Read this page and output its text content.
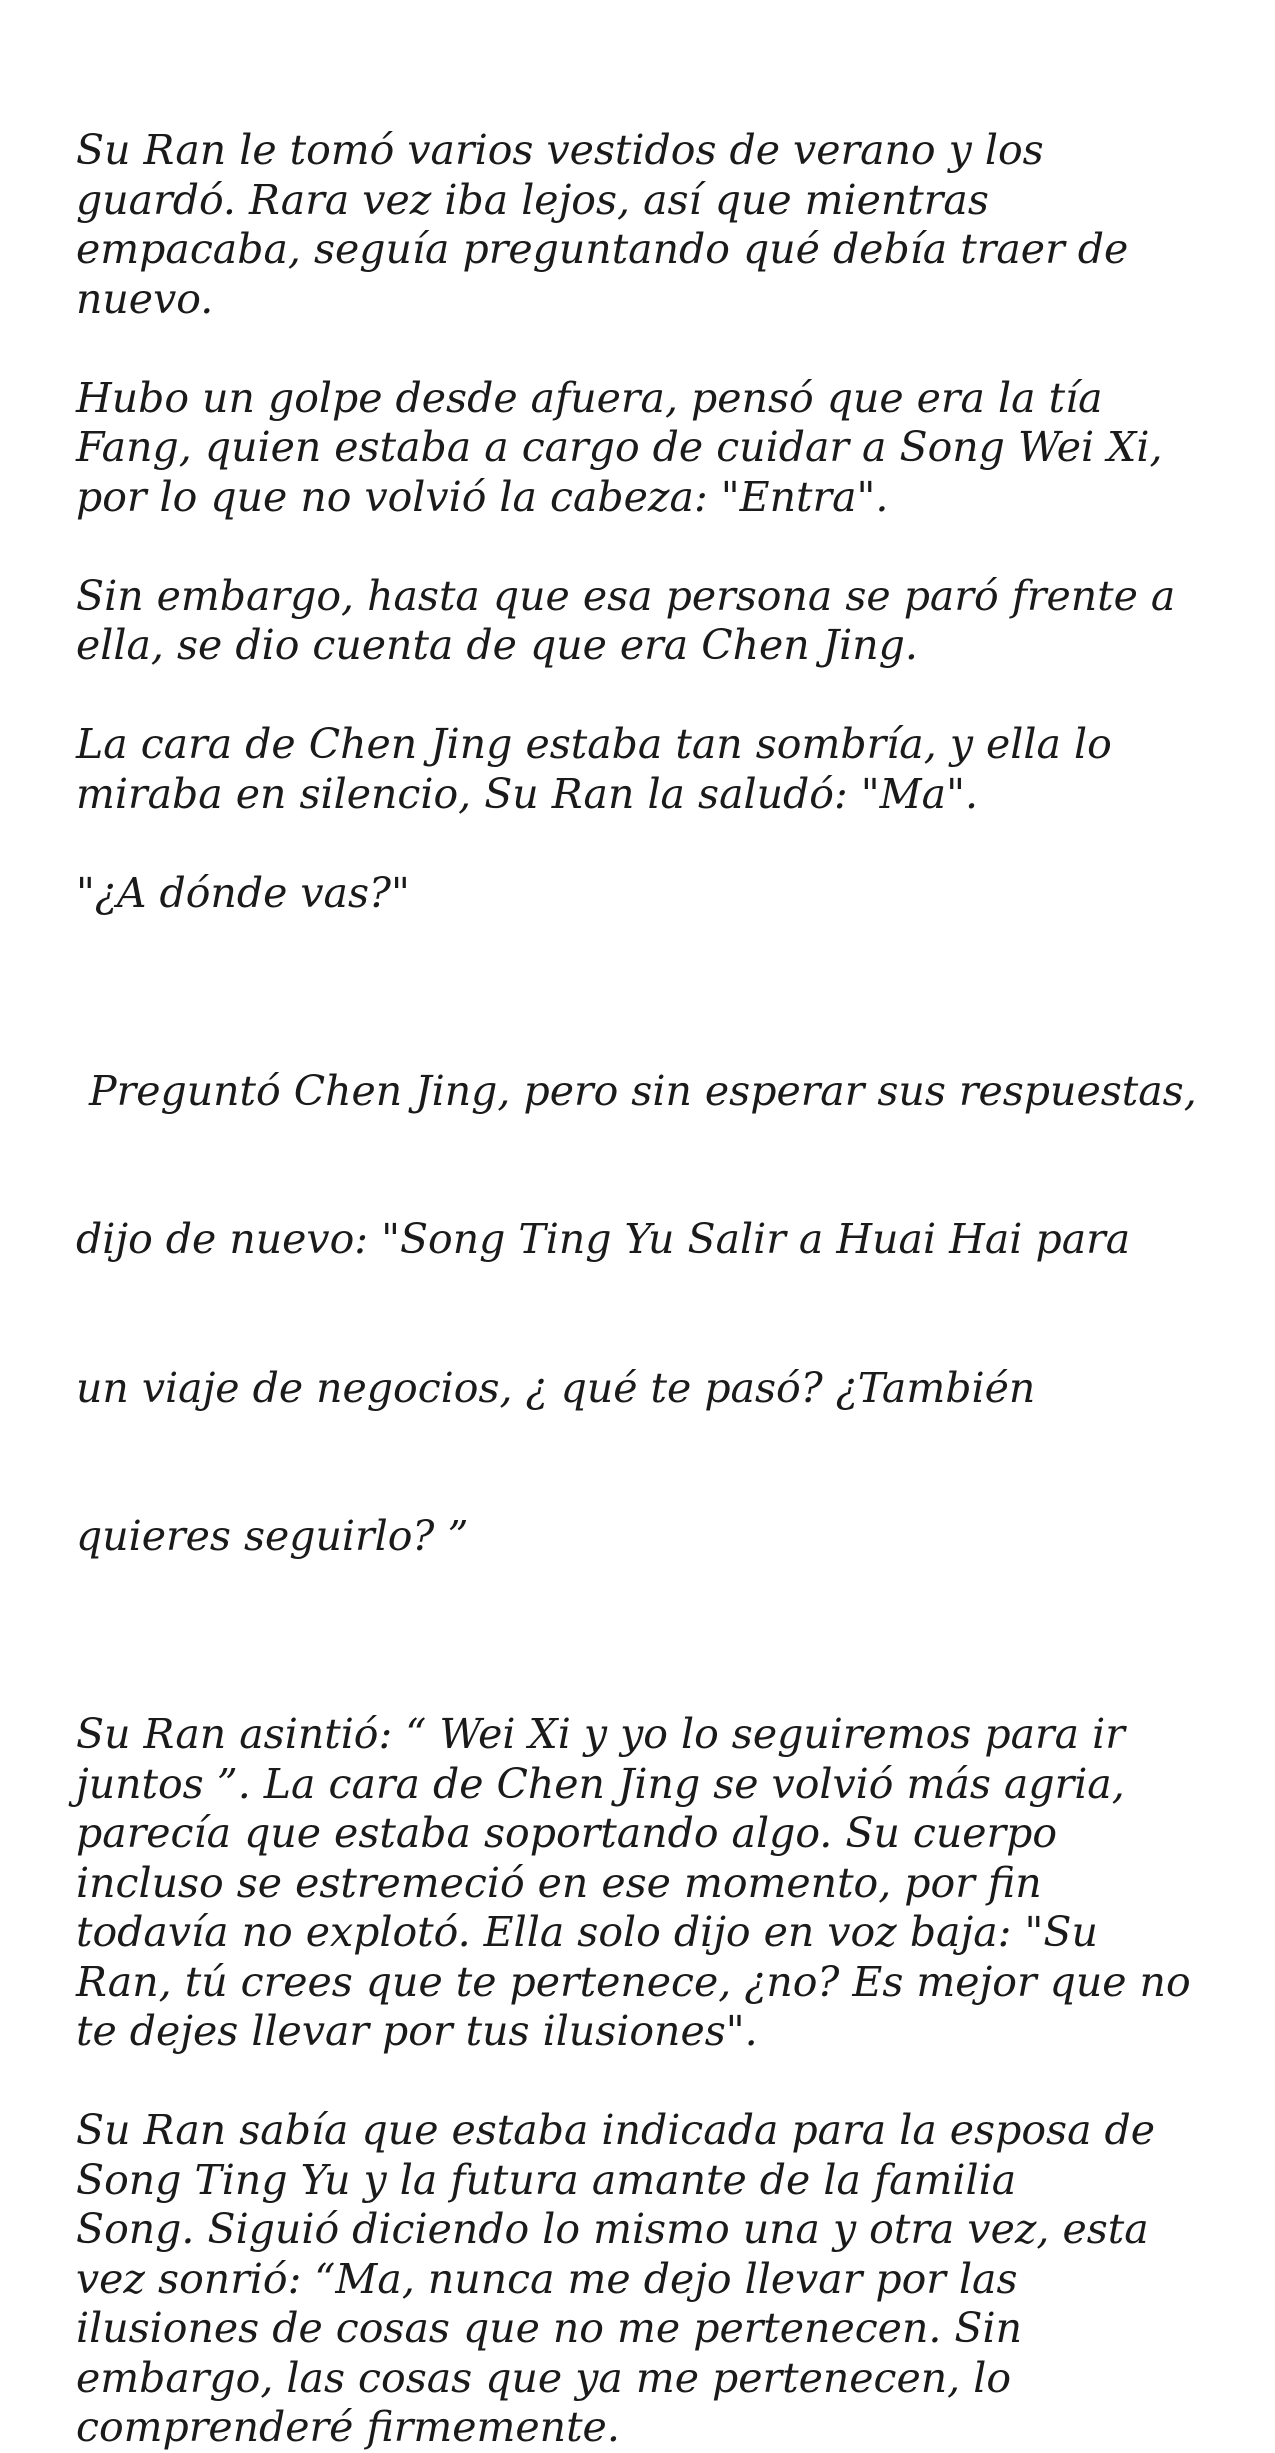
Su Ran le tomó varios vestidos de verano y los
guardó. Rara vez iba lejos, así que mientras
empacaba, seguía preguntando qué debía traer de
nuevo.

Hubo un golpe desde afuera, pensó que era la tía
Fang, quien estaba a cargo de cuidar a Song Wei Xi,
por lo que no volvió la cabeza: "Entra".

Sin embargo, hasta que esa persona se paró frente a
ella, se dio cuenta de que era Chen Jing.

La cara de Chen Jing estaba tan sombría, y ella lo
miraba en silencio, Su Ran la saludó: "Ma".

"¿A dónde vas?"

Preguntó Chen Jing, pero sin esperar sus respuestas,

dijo de nuevo: "Song Ting Yu Salir a Huai Hai para

un viaje de negocios, ¿ qué te pasó? ¿También

quieres seguirlo? ”

Su Ran asintió: “ Wei Xi y yo lo seguiremos para ir
juntos ”. La cara de Chen Jing se volvió más agria,
parecía que estaba soportando algo. Su cuerpo
incluso se estremeció en ese momento, por fin
todavía no explotó. Ella solo dijo en voz baja: "Su
Ran, tú crees que te pertenece, ¿no? Es mejor que no
te dejes llevar por tus ilusiones".

Su Ran sabía que estaba indicada para la esposa de
Song Ting Yu y la futura amante de la familia
Song. Siguió diciendo lo mismo una y otra vez, esta
vez sonrió: “Ma, nunca me dejo llevar por las
ilusiones de cosas que no me pertenecen. Sin
embargo, las cosas que ya me pertenecen, lo
comprenderé firmemente.
